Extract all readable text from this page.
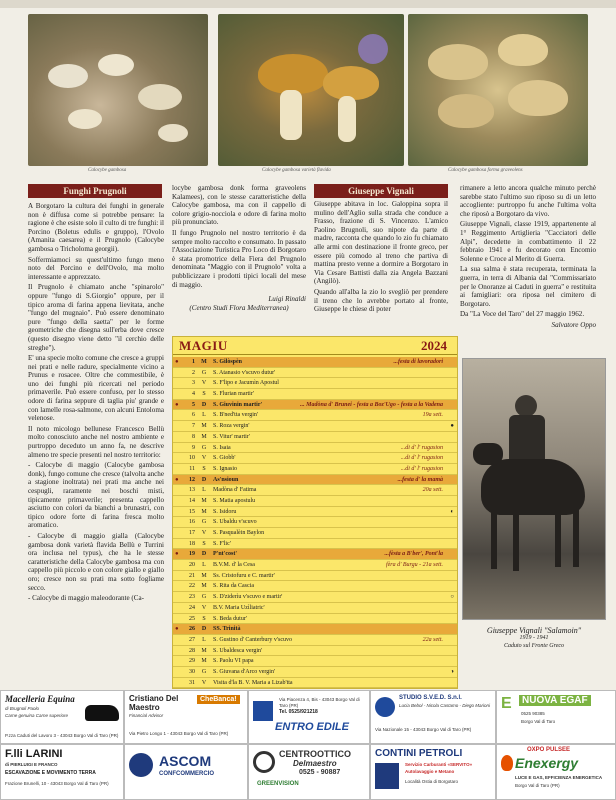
Calocybe gambosa	Calocybe gambosa varietà flavida	Calocybe gambosa forma graveolens
Funghi Prugnoli

A Borgotaro la cultura dei funghi in generale non è diffusa come si potrebbe pensare: la ragione è che esiste solo il culto di tre funghi: il Porcino (Boletus edulis e gruppo), l'Ovolo (Amanita caesarea) e il Prugnolo (Calocybe gambosa o Tricholoma georgii).

Soffermiamoci su quest'ultimo fungo meno noto del Porcino e dell'Ovolo, ma molto interessante e apprezzato.

Il Prugnolo è chiamato anche "spinarolo" oppure "fungo di S.Giorgio" oppure, per il tipico aroma di farina appena lievitata, anche "fungo del mugnaio". Può essere denominato pure "fungo della saetta" per le forme geometriche che disegna sull'erba dove cresce (questo disegno viene detto "il cerchio delle streghe").

E' una specie molto comune che cresce a gruppi nei prati e nelle radure, specialmente vicino a Prunus e rosacee. Oltre che commestibile, è uno dei funghi più ricercati nel periodo primaverile. Può essere confuso, per lo stesso odore di farina seppure di taglia piu' grande e con lamelle rosa-salmone, con alcuni Entoloma velenose.

Il noto micologo bellunese Francesco Bellù molto conosciuto anche nel nostro ambiente e purtroppo deceduto un anno fa, ne descrive almeno tre specie presenti nel nostro territorio:

- Calocybe di maggio (Calocybe gambosa donk), fungo comune che cresce (talvolta anche a stagione inoltrata) nei prati ma anche nei cespugli, raramente nei boschi misti, tipicamente primaverile; presenta cappello asciutto con colori da bianchi a brunastri, con tipico odore forte di farina fresca molto aromatico.

- Calocybe di maggio gialla (Calocybe gambosa donk varietà flavida Bellù e Turrini ora inclusa nel typus), che ha le stesse caratteristiche della Calocybe gambosa ma con cappello più piccolo e con colore giallo e giallo oro; cresce non su prati ma sotto fogliame secco.

- Calocybe di maggio maleodorante (Ca-

locybe gambosa donk forma graveolens Kalamees), con le stesse caratteristiche della Calocybe gambosa, ma con il cappello di colore grigio-nocciola e odore di farina molto più pronunciato.

Il fungo Prugnolo nel nostro territorio è da sempre molto raccolto e consumato. In passato l'Associazione Turistica Pro Loco di Borgotaro è stata promotrice della Fiera del Prugnolo denominata "Maggio con il Prugnolo" volta a pubblicizzare i prodotti tipici locali del mese di maggio.

Luigi Rinaldi
(Centro Studi Flora Mediterranea)
Giuseppe Vignali

Giuseppe abitava in loc. Galoppina sopra il mulino dell'Aglio sulla strada che conduce a Frasso, frazione di S. Vincenzo. L'amico Paolino Brugnoli, suo nipote da parte di madre, racconta che quando lo zio fu chiamato alle armi con destinazione il fronte greco, per essere più comodo al treno che partiva di mattina presto venne a dormire a Borgotaro in Via Cesare Battisti dalla zia Angela Bazzani (Angilò).

Quando all'alba la zio lo svegliò per prendere il treno che lo avrebbe portato al fronte, Giuseppe le chiese di poter

rimanere a letto ancora qualche minuto perchè sarebbe stato l'ultimo suo riposo su di un letto accogliente: purtroppo fu anche l'ultima volta che riposò a Borgotaro da vivo.

Giuseppe Vignali, classe 1919, appartenente al 1° Reggimento Artiglieria "Cacciatori delle Alpi", decedette in combattimento il 22 febbraio 1941 e fu decorato con Encomio Solenne e Croce al Merito di Guerra.

La sua salma è stata recuperata, terminata la guerra, in terra di Albania dal "Commissariato per le Onoranze ai Caduti in guerra" e restituita ai famigliari: ora riposa nel cimitero di Borgotaro.

Da "La Voce del Taro" del 27 maggio 1962.

Salvatore Oppo
Giuseppe Vignali "Salamoin"
1919 - 1941
Caduto sul Fronte Greco
MAGIU	2024
●	1	M	S. Gilòspèn	...festa di lavoradori
2	G	S. Atanasio v'scuvo dutur'
3	V	S. F'lipo e Jacumìn Apostul
4	S	S. Flurian martir'
●	5	D	S. Giuvinin martir'	... Madòna d' Brunei - festa a Boz'Ugo - festa a la Vadena
6	L	S. B'ned'tta vergin'	19a sett.
7	M	S. Roza vergin'	●
8	M	S. Vitur' martir'
9	G	S. Isaia	...di d' l' rugasion
10	V	S. Giobb'	...di d' l' rugasion
11	S	S. Ignasio	...di d' l' rugasion
●	12	D	As'nsioun	...festa d' la mamà
13	L	Madòna d' Fatima	20a sett.
14	M	S. Matia apostulu
15	M	S. Isidoru	◐
16	G	S. Ubaldu v'scuvo
17	V	S. Pasqualèin Baylon
18	S	S. F'lic'
●	19	D	P'nt'cost'	...fèsta a B'ber', Pont'la
20	L	B.V.M. d' la Cesa	fèra d' Burgu - 21a sett.
21	M	Ss. Cristofuru e C. martir'
22	M	S. Rita da Cascia
23	G	S. D'ziderìu v'scuvo e martir'	○
24	V	B.V. Maria Uzìliatric'
25	S	S. Beda dutur'
●	26	D	SS. Trinità
27	L	S. Gustino d' Canterbury v'scuvo	22a sett.
28	M	S. Ubaldesca vergin'
29	M	S. Paolu VI papa
30	G	S. Giuvana d'Arco vergin'	◑
31	V	Visita d'la B. V. Maria a Lizab'tta
Macelleria Equina
di Brugnoli Paolo
Carne genuina Carne superiore
P.zza Caduti del Lavoro 3 - 43043 Borgo Val di Taro (PR)
Cristiano Del Maestro
Financial Advisor
CheBanca!
Via Pietro Longo 1 - 43043 Borgo Val di Taro (PR)
Via Piacenza 4, Bis - 43043 Borgo Val di Taro (PR)
Tel. 0525/921218
ENTRO EDILE
STUDIO S.V.E.D. S.n.l.
Lucia Bebol - Nicola Castamo - Diego Marioni
Via Nazionale 15 - 43043 Borgo Val di Taro (PR)
E	NUOVA EGAF
0525 90385
Borgo Val di Taro
F.lli LARINI
di PIERLUIGI E FRANCO
ESCAVAZIONE E MOVIMENTO TERRA
Frazione Brunelli, 10 - 43043 Borgo Val di Taro (PR)
ASCOM
CONFCOMMERCIO
CENTROOTTICO
Delmaestro
0525 - 90887
GREENVISION
CONTINI PETROLI
Servizio Carburanti «SERVITO»
Autolavaggio e Metano
Località Ostia di Borgotaro
OXPO PULSEE
Enexergy
LUCE E GAS, EFFICIENZA ENERGETICA
Borgo Val di Taro (PR)
